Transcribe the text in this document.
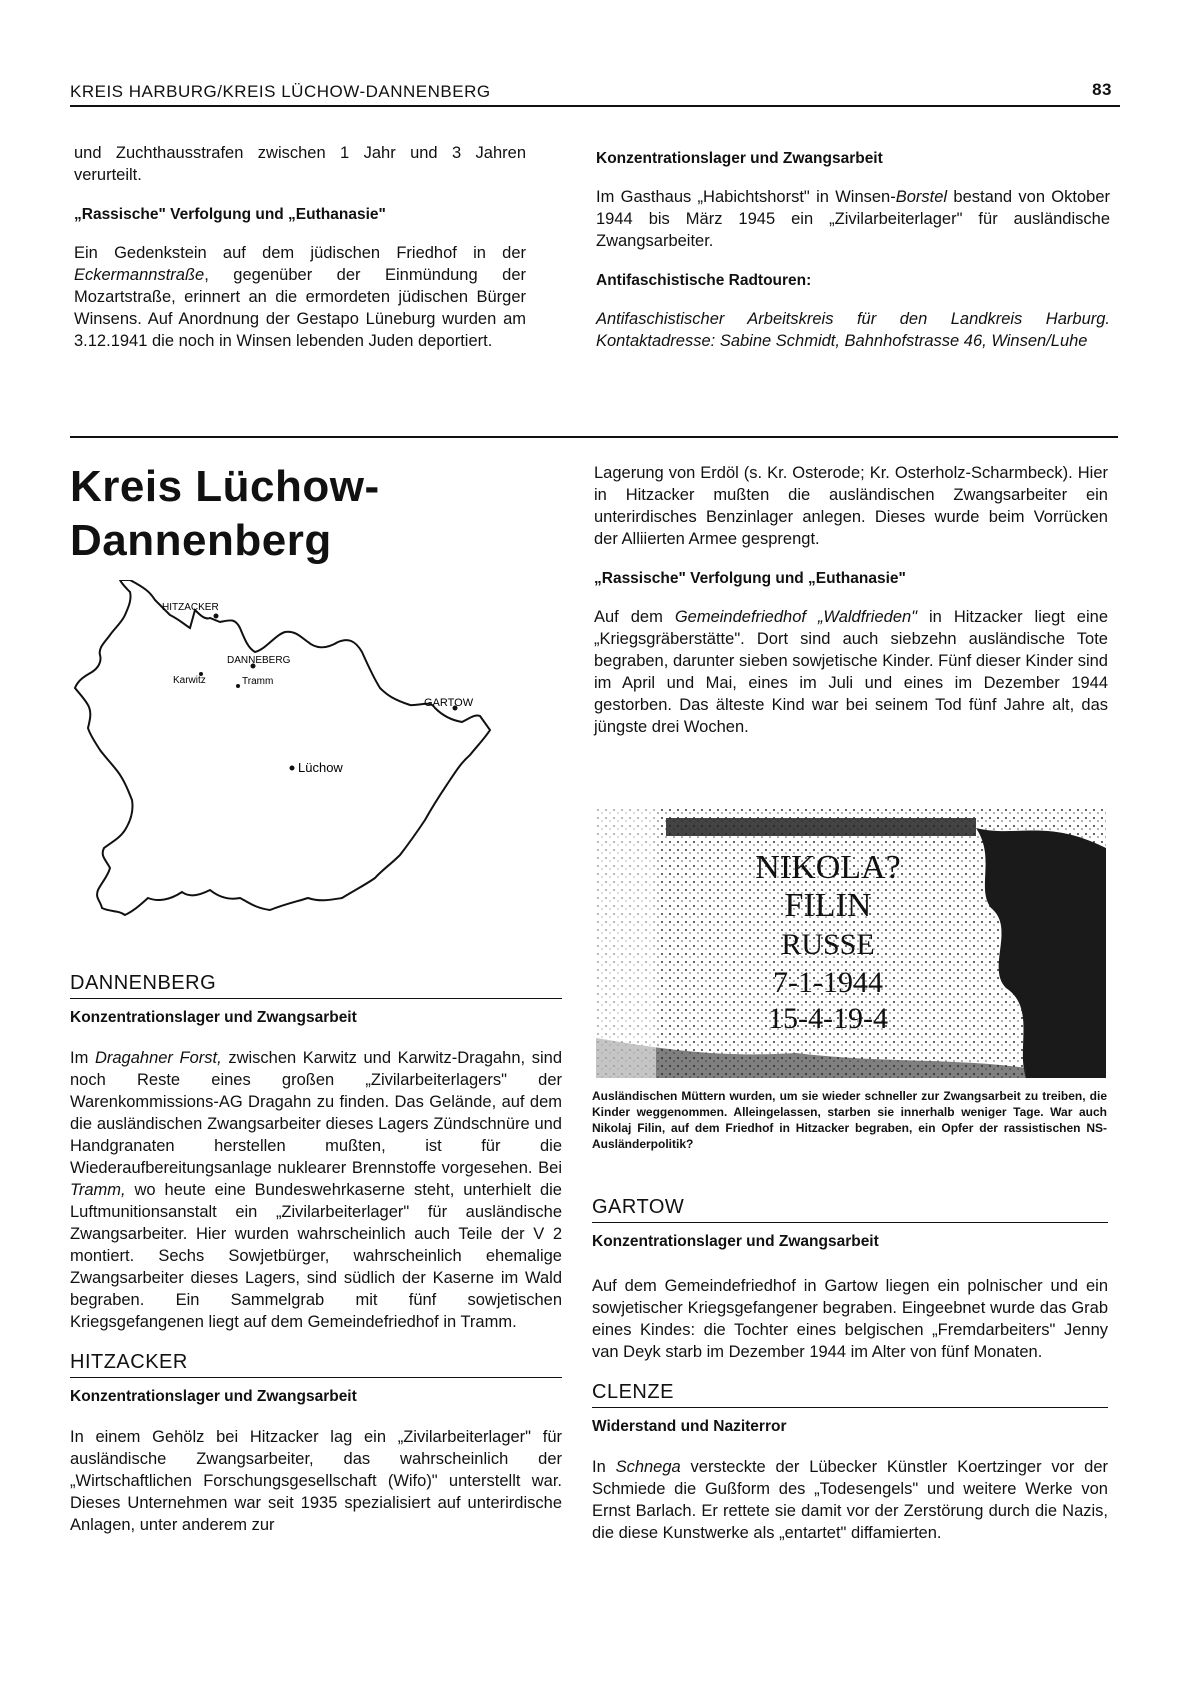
KREIS HARBURG/KREIS LÜCHOW-DANNENBERG	83

und Zuchthausstrafen zwischen 1 Jahr und 3 Jahren verurteilt.

„Rassische" Verfolgung und „Euthanasie"

Ein Gedenkstein auf dem jüdischen Friedhof in der Eckermannstraße, gegenüber der Einmündung der Mozartstraße, erinnert an die ermordeten jüdischen Bürger Winsens. Auf Anordnung der Gestapo Lüneburg wurden am 3.12.1941 die noch in Winsen lebenden Juden deportiert.

Konzentrationslager und Zwangsarbeit

Im Gasthaus „Habichtshorst" in Winsen-Borstel bestand von Oktober 1944 bis März 1945 ein „Zivilarbeiterlager" für ausländische Zwangsarbeiter.

Antifaschistische Radtouren:

Antifaschistischer Arbeitskreis für den Landkreis Harburg. Kontaktadresse: Sabine Schmidt, Bahnhofstrasse 46, Winsen/Luhe

Kreis Lüchow-
Dannenberg
HITZACKER
DANNEBERG
Karwitz	Tramm
GARTOW
Lüchow
DANNENBERG
Konzentrationslager und Zwangsarbeit

Im Dragahner Forst, zwischen Karwitz und Karwitz-Dragahn, sind noch Reste eines großen „Zivilarbeiterlagers" der Warenkommissions-AG Dragahn zu finden. Das Gelände, auf dem die ausländischen Zwangsarbeiter dieses Lagers Zündschnüre und Handgranaten herstellen mußten, ist für die Wiederaufbereitungsanlage nuklearer Brennstoffe vorgesehen. Bei Tramm, wo heute eine Bundeswehrkaserne steht, unterhielt die Luftmunitionsanstalt ein „Zivilarbeiterlager" für ausländische Zwangsarbeiter. Hier wurden wahrscheinlich auch Teile der V 2 montiert. Sechs Sowjetbürger, wahrscheinlich ehemalige Zwangsarbeiter dieses Lagers, sind südlich der Kaserne im Wald begraben. Ein Sammelgrab mit fünf sowjetischen Kriegsgefangenen liegt auf dem Gemeindefriedhof in Tramm.

HITZACKER
Konzentrationslager und Zwangsarbeit

In einem Gehölz bei Hitzacker lag ein „Zivilarbeiterlager" für ausländische Zwangsarbeiter, das wahrscheinlich der „Wirtschaftlichen Forschungsgesellschaft (Wifo)" unterstellt war. Dieses Unternehmen war seit 1935 spezialisiert auf unterirdische Anlagen, unter anderem zur

Lagerung von Erdöl (s. Kr. Osterode; Kr. Osterholz-Scharmbeck). Hier in Hitzacker mußten die ausländischen Zwangsarbeiter ein unterirdisches Benzinlager anlegen. Dieses wurde beim Vorrücken der Alliierten Armee gesprengt.

„Rassische" Verfolgung und „Euthanasie"

Auf dem Gemeindefriedhof „Waldfrieden" in Hitzacker liegt eine „Kriegsgräberstätte". Dort sind auch siebzehn ausländische Tote begraben, darunter sieben sowjetische Kinder. Fünf dieser Kinder sind im April und Mai, eines im Juli und eines im Dezember 1944 gestorben. Das älteste Kind war bei seinem Tod fünf Jahre alt, das jüngste drei Wochen.

NIKOLA?
FILIN
RUSSE
7-1-1944
15-4-19-4
Ausländischen Müttern wurden, um sie wieder schneller zur Zwangsarbeit zu treiben, die Kinder weggenommen. Alleingelassen, starben sie innerhalb weniger Tage. War auch Nikolaj Filin, auf dem Friedhof in Hitzacker begraben, ein Opfer der rassistischen NS-Ausländerpolitik?
GARTOW
Konzentrationslager und Zwangsarbeit

Auf dem Gemeindefriedhof in Gartow liegen ein polnischer und ein sowjetischer Kriegsgefangener begraben. Eingeebnet wurde das Grab eines Kindes: die Tochter eines belgischen „Fremdarbeiters" Jenny van Deyk starb im Dezember 1944 im Alter von fünf Monaten.

CLENZE
Widerstand und Naziterror

In Schnega versteckte der Lübecker Künstler Koertzinger vor der Schmiede die Gußform des „Todesengels" und weitere Werke von Ernst Barlach. Er rettete sie damit vor der Zerstörung durch die Nazis, die diese Kunstwerke als „entartet" diffamierten.
